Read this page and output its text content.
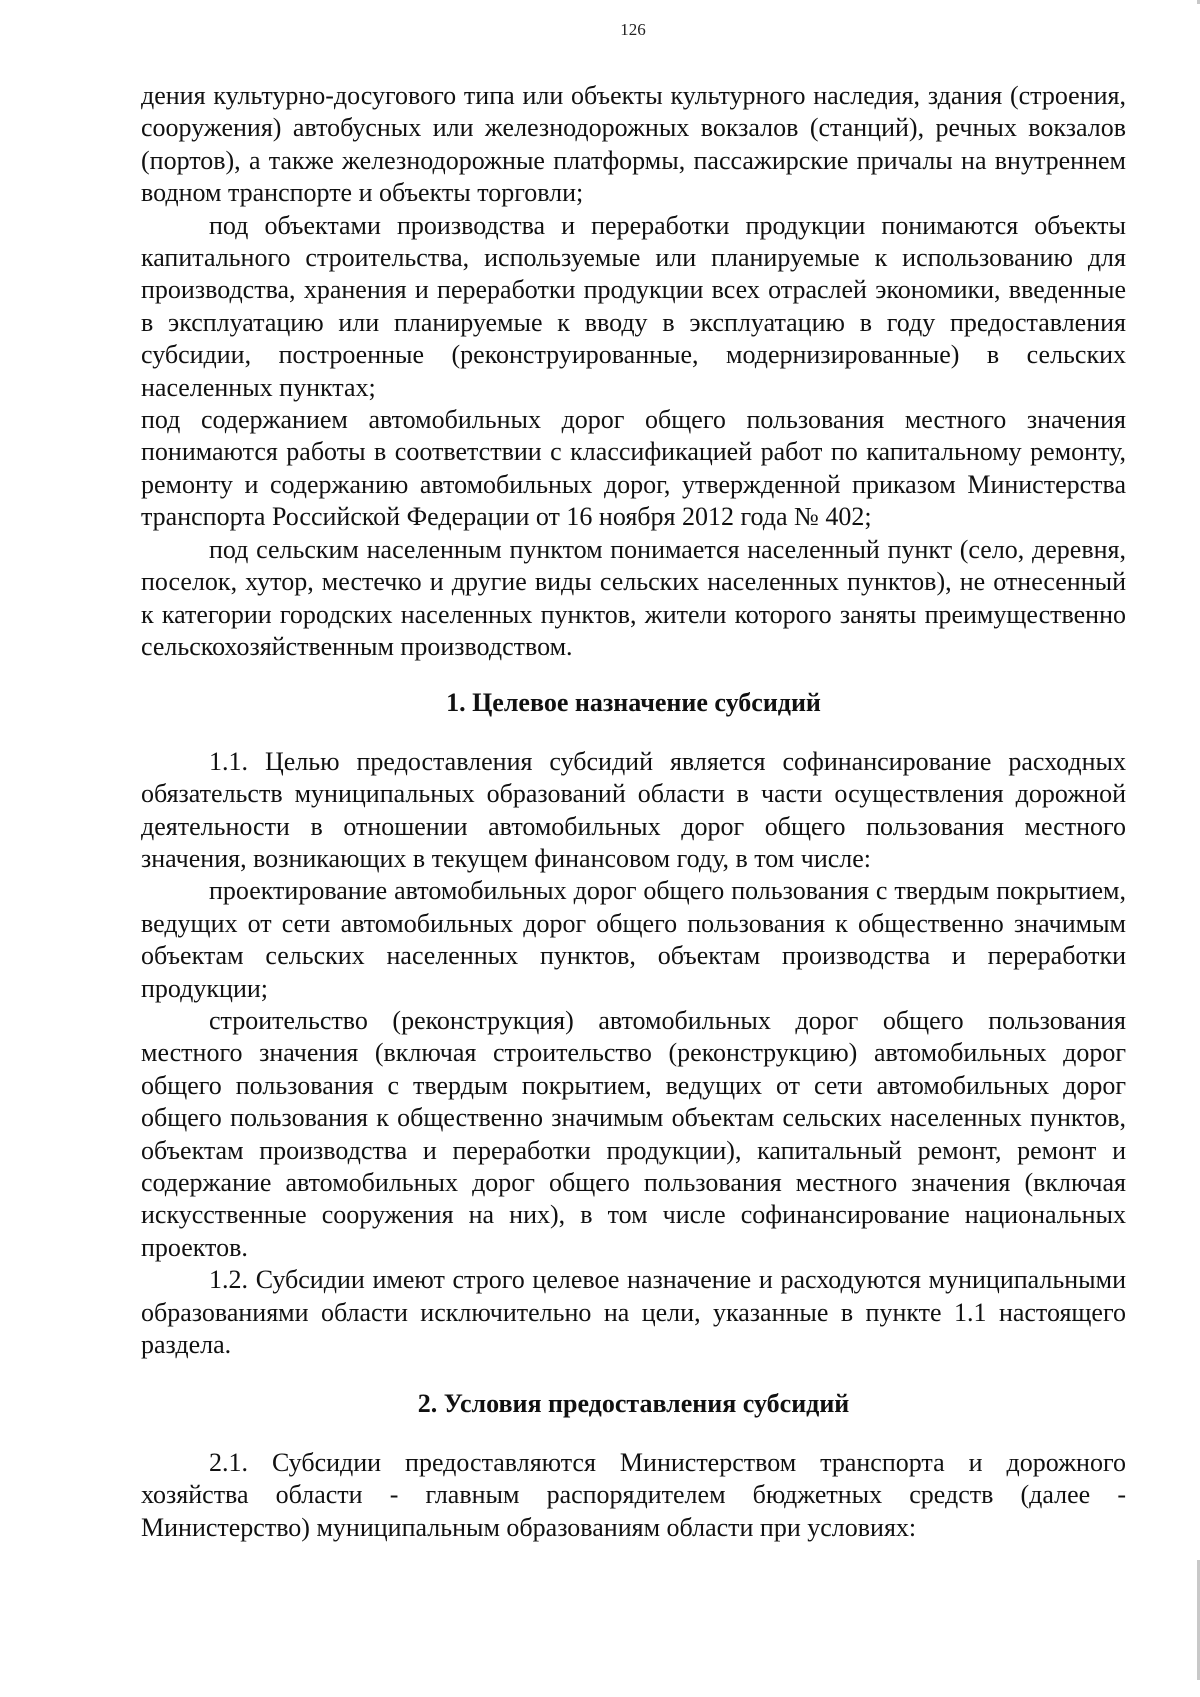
126

дения культурно-досугового типа или объекты культурного наследия, здания (строения, сооружения) автобусных или железнодорожных вокзалов (станций), речных вокзалов (портов), а также железнодорожные платформы, пассажирские причалы на внутреннем водном транспорте и объекты торговли;

под объектами производства и переработки продукции понимаются объекты капитального строительства, используемые или планируемые к использованию для производства, хранения и переработки продукции всех отраслей экономики, введенные в эксплуатацию или планируемые к вводу в эксплуатацию в году предоставления субсидии, построенные (реконструированные, модернизированные) в сельских населенных пунктах;

под содержанием автомобильных дорог общего пользования местного значения понимаются работы в соответствии с классификацией работ по капитальному ремонту, ремонту и содержанию автомобильных дорог, утвержденной приказом Министерства транспорта Российской Федерации от 16 ноября 2012 года № 402;

под сельским населенным пунктом понимается населенный пункт (село, деревня, поселок, хутор, местечко и другие виды сельских населенных пунктов), не отнесенный к категории городских населенных пунктов, жители которого заняты преимущественно сельскохозяйственным производством.

1. Целевое назначение субсидий

1.1. Целью предоставления субсидий является софинансирование расходных обязательств муниципальных образований области в части осуществления дорожной деятельности в отношении автомобильных дорог общего пользования местного значения, возникающих в текущем финансовом году, в том числе:

проектирование автомобильных дорог общего пользования с твердым покрытием, ведущих от сети автомобильных дорог общего пользования к общественно значимым объектам сельских населенных пунктов, объектам производства и переработки продукции;

строительство (реконструкция) автомобильных дорог общего пользования местного значения (включая строительство (реконструкцию) автомобильных дорог общего пользования с твердым покрытием, ведущих от сети автомобильных дорог общего пользования к общественно значимым объектам сельских населенных пунктов, объектам производства и переработки продукции), капитальный ремонт, ремонт и содержание автомобильных дорог общего пользования местного значения (включая искусственные сооружения на них), в том числе софинансирование национальных проектов.

1.2. Субсидии имеют строго целевое назначение и расходуются муниципальными образованиями области исключительно на цели, указанные в пункте 1.1 настоящего раздела.

2. Условия предоставления субсидий

2.1. Субсидии предоставляются Министерством транспорта и дорожного хозяйства области - главным распорядителем бюджетных средств (далее - Министерство) муниципальным образованиям области при условиях:
